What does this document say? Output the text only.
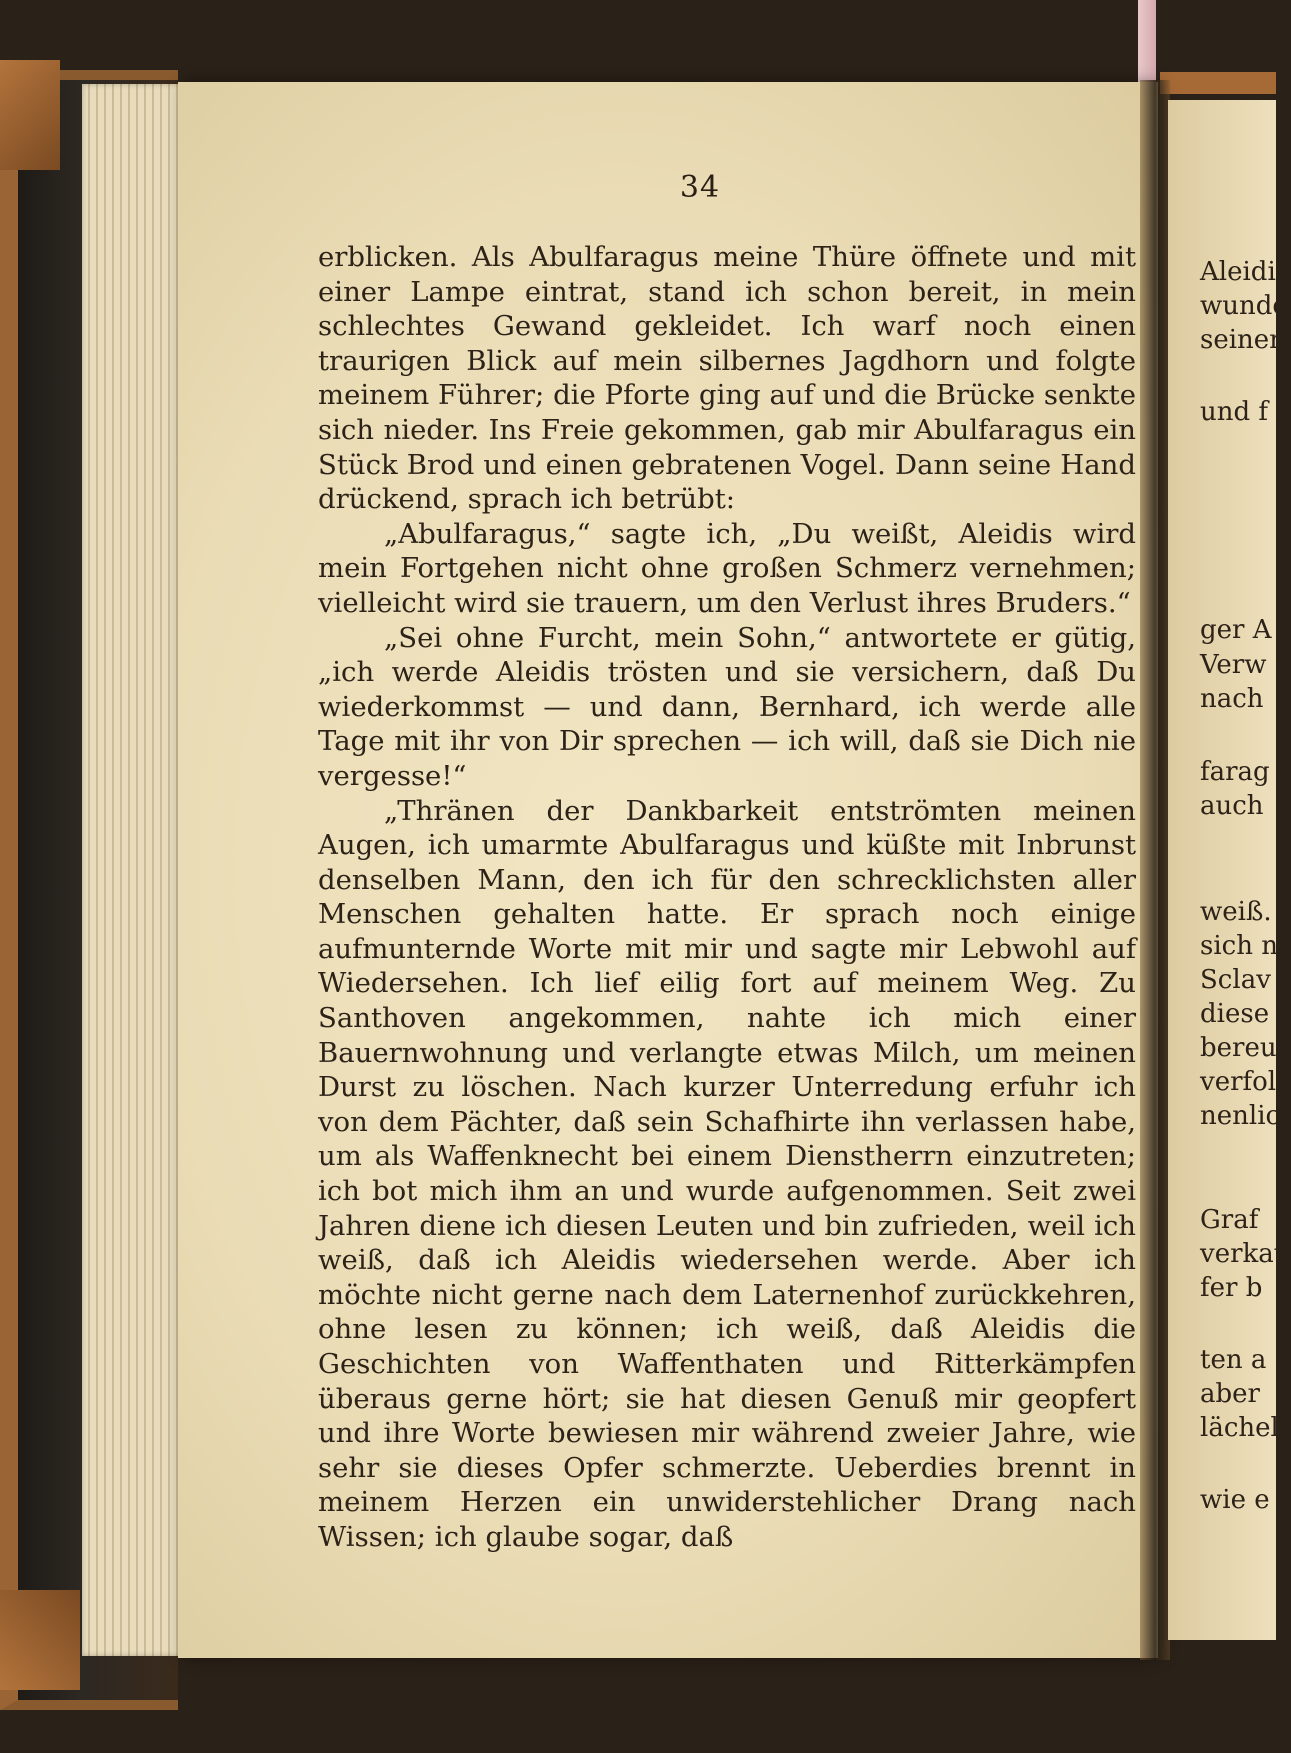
34

erblicken. Als Abulfaragus meine Thüre öffnete und mit einer Lampe eintrat, stand ich schon bereit, in mein schlechtes Gewand gekleidet. Ich warf noch einen traurigen Blick auf mein silbernes Jagdhorn und folgte meinem Führer; die Pforte ging auf und die Brücke senkte sich nieder. Ins Freie gekommen, gab mir Abulfaragus ein Stück Brod und einen gebratenen Vogel. Dann seine Hand drückend, sprach ich betrübt:

„Abulfaragus,“ sagte ich, „Du weißt, Aleidis wird mein Fortgehen nicht ohne großen Schmerz vernehmen; vielleicht wird sie trauern, um den Verlust ihres Bruders.“

„Sei ohne Furcht, mein Sohn,“ antwortete er gütig, „ich werde Aleidis trösten und sie versichern, daß Du wiederkommst — und dann, Bernhard, ich werde alle Tage mit ihr von Dir sprechen — ich will, daß sie Dich nie vergesse!“

„Thränen der Dankbarkeit entströmten meinen Augen, ich umarmte Abulfaragus und küßte mit Inbrunst denselben Mann, den ich für den schrecklichsten aller Menschen gehalten hatte. Er sprach noch einige aufmunternde Worte mit mir und sagte mir Lebwohl auf Wiedersehen. Ich lief eilig fort auf meinem Weg. Zu Santhoven angekommen, nahte ich mich einer Bauernwohnung und verlangte etwas Milch, um meinen Durst zu löschen. Nach kurzer Unterredung erfuhr ich von dem Pächter, daß sein Schafhirte ihn verlassen habe, um als Waffenknecht bei einem Dienstherrn einzutreten; ich bot mich ihm an und wurde aufgenommen. Seit zwei Jahren diene ich diesen Leuten und bin zufrieden, weil ich weiß, daß ich Aleidis wiedersehen werde. Aber ich möchte nicht gerne nach dem Laternenhof zurückkehren, ohne lesen zu können; ich weiß, daß Aleidis die Geschichten von Waffenthaten und Ritterkämpfen überaus gerne hört; sie hat diesen Genuß mir geopfert und ihre Worte bewiesen mir während zweier Jahre, wie sehr sie dieses Opfer schmerzte. Ueberdies brennt in meinem Herzen ein unwiderstehlicher Drang nach Wissen; ich glaube sogar, daß

Aleidi
wunde
seinen
und f
ger A
Verw
nach
farag
auch
weiß.
sich n
Sclav
diese
bereu
verfol
nenlic
Graf
verkau
fer b
ten a
aber
lächel
wie e
